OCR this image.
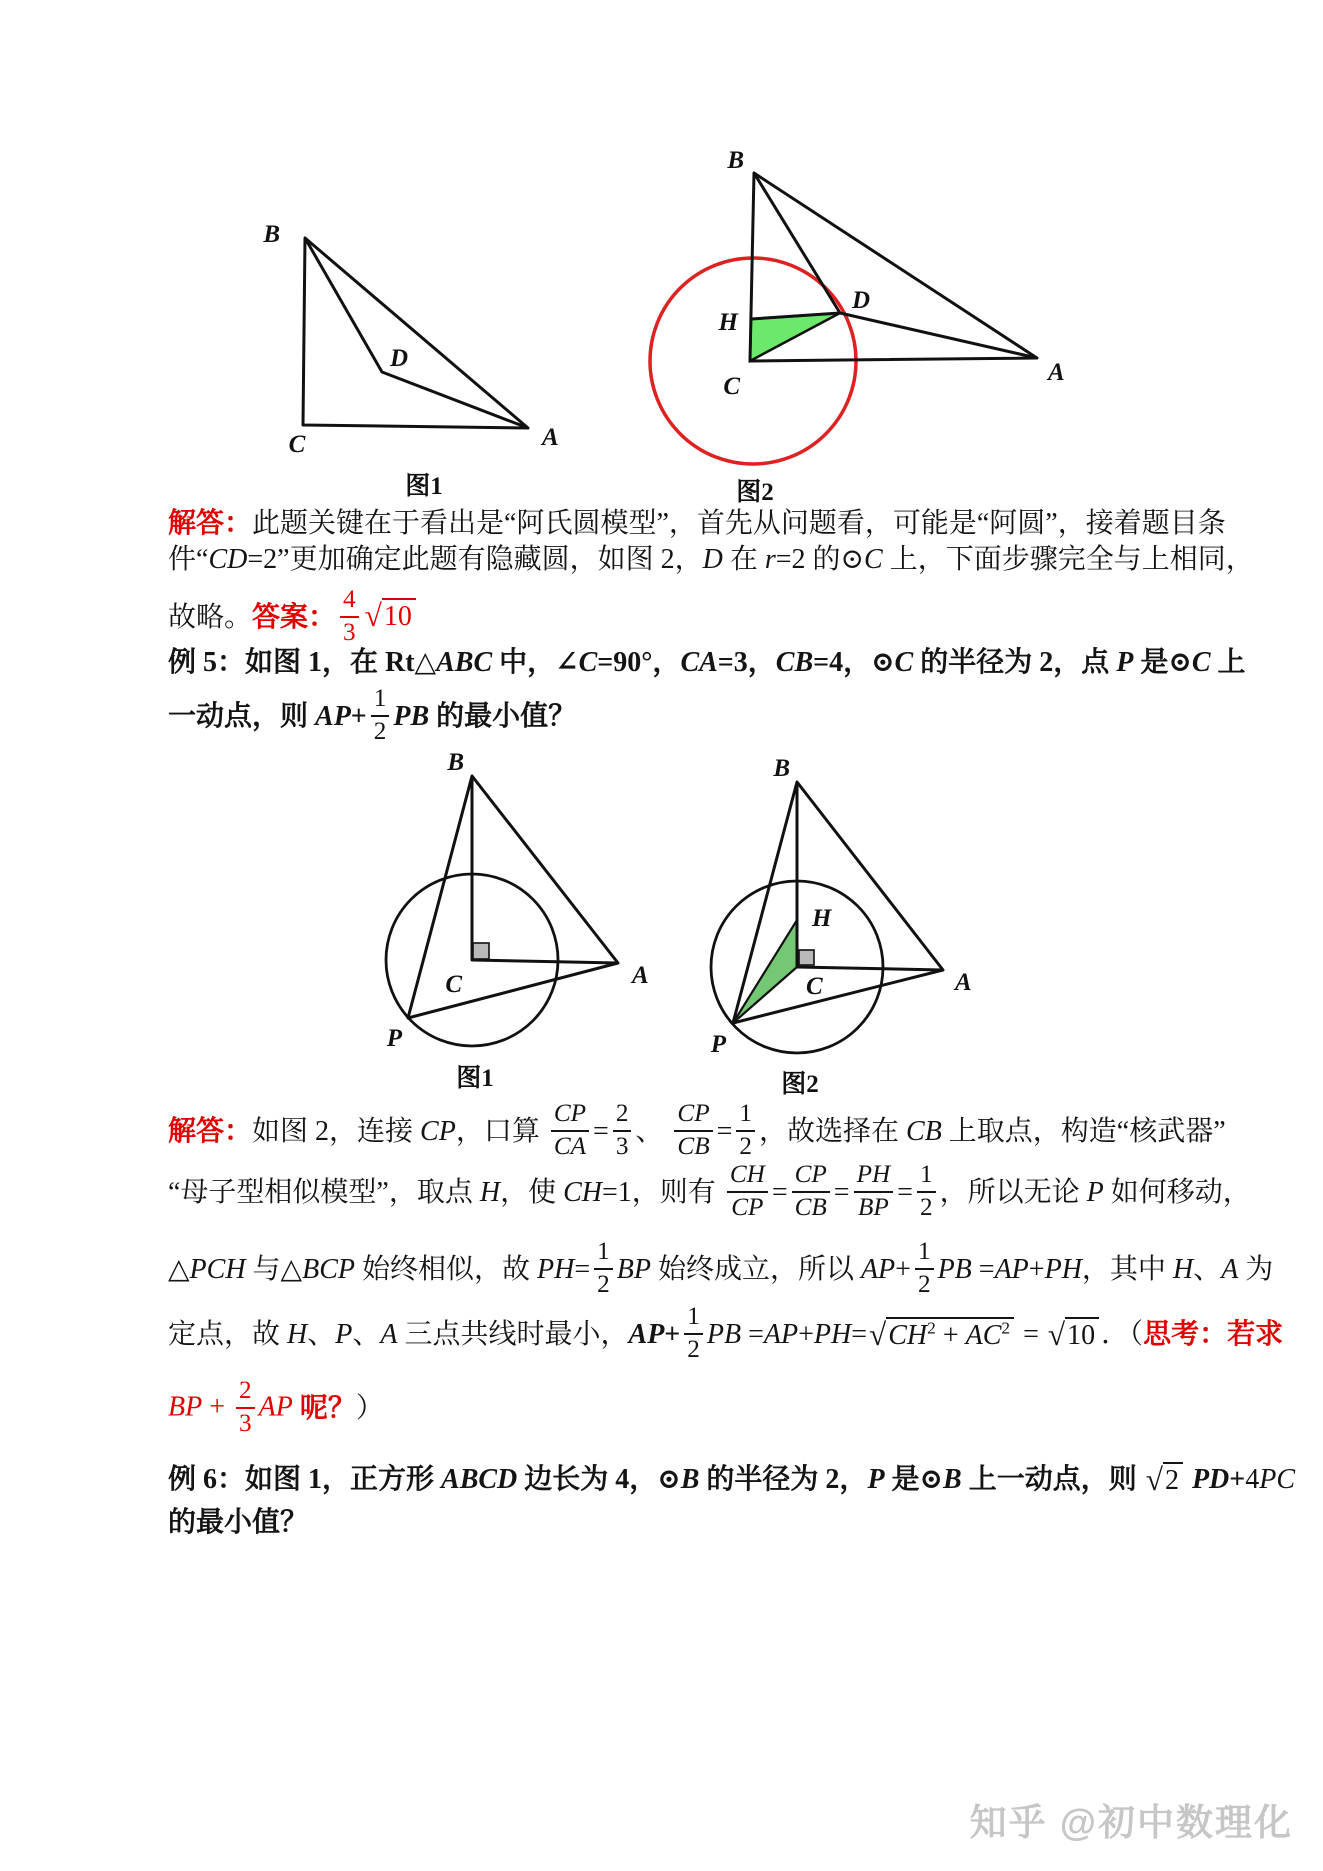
B
C	A
D
图1
B
H
D
C
A
图2
B
C	A
P
图1
B
H
C	A
P
图2
解答： 此题关键在于看出是“阿氏圆模型”，首先从问题看，可能是“阿圆”，接着题目条
件“ CD =2”更加确定此题有隐藏圆，如图 2， D 在 r =2 的⊙ C 上，下面步骤完全与上相同，
故略。 答案： $\frac{4}{3}$ √ 10
例 5：如图 1，在 Rt△ ABC 中，∠ C =90°， CA =3， CB =4，⊙ C 的半径为 2，点 P 是⊙ C 上
一动点，则 AP + $\frac{1}{2}$ PB 的最小值？
解答： 如图 2，连接 CP ，口算 $\frac{CP}{CA} = \frac{2}{3}$ 、 $\frac{CP}{CB} = \frac{1}{2}$ ，故选择在 CB 上取点，构造“核武器”
“母子型相似模型”，取点 H ，使 CH =1，则有 $\frac{CH}{CP} = \frac{CP}{CB} = \frac{PH}{BP} = \frac{1}{2}$ ，所以无论 P 如何移动，
△ PCH 与△ BCP 始终相似，故 PH = $\frac{1}{2}$ BP 始终成立，所以 AP + $\frac{1}{2}$ PB = AP + PH ，其中 H 、 A 为
定点，故 H 、 P 、 A 三点共线时最小， AP + $\frac{1}{2}$ PB = AP + PH = √ $CH^2 + AC^2$ = √ 10 ．（ 思考：若求
BP + $\frac{2}{3}$ AP 呢？ ）
例 6：如图 1，正方形 ABCD 边长为 4，⊙ B 的半径为 2， P 是⊙ B 上一动点，则 √ 2 PD + 4 PC
的最小值？
知乎 @初中数理化
